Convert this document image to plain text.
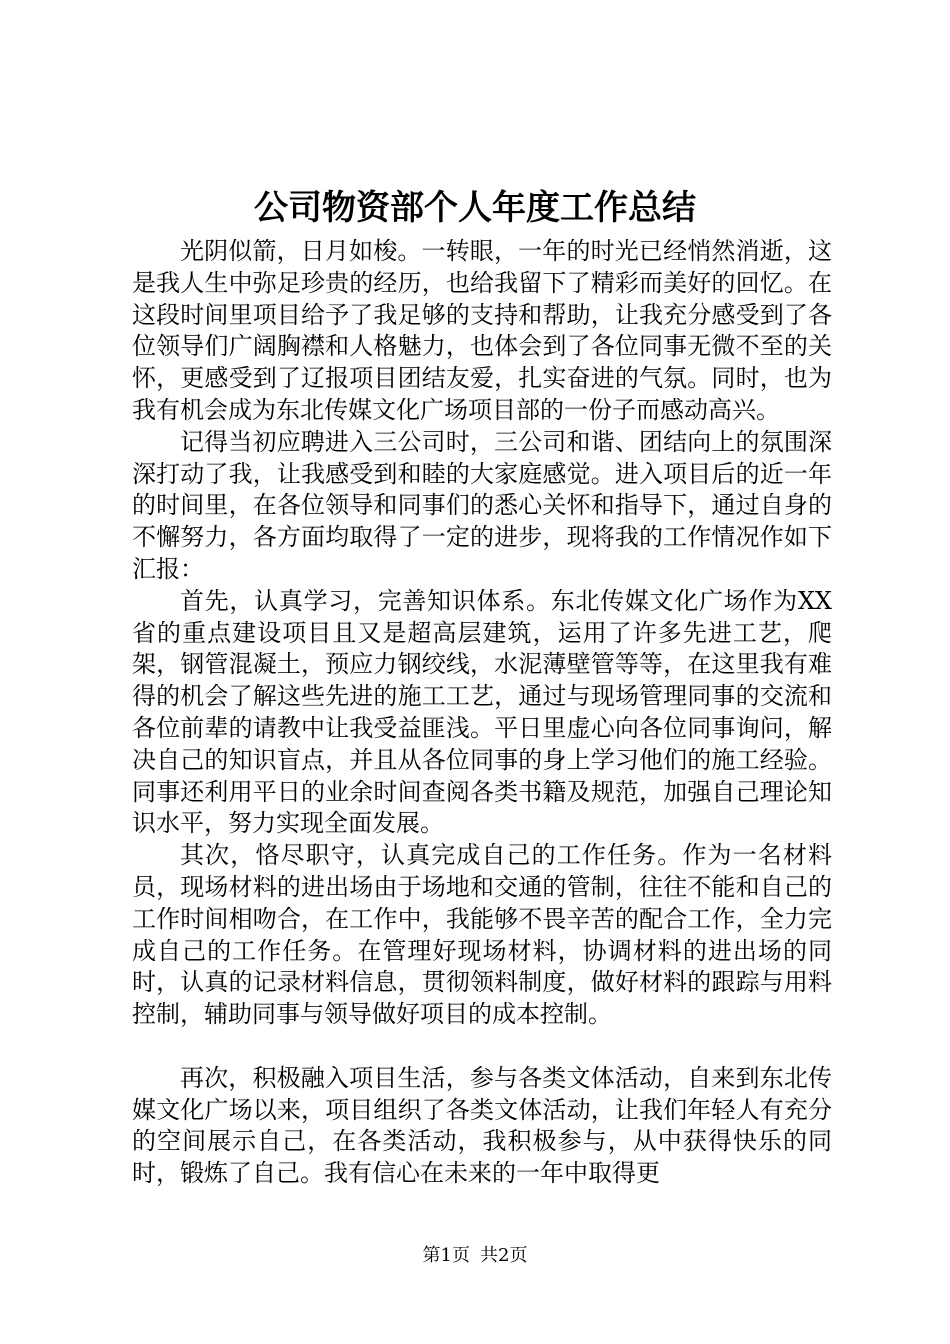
公司物资部个人年度工作总结

光阴似箭，日月如梭。一转眼，一年的时光已经悄然消逝，这是我人生中弥足珍贵的经历，也给我留下了精彩而美好的回忆。在这段时间里项目给予了我足够的支持和帮助，让我充分感受到了各位领导们广阔胸襟和人格魅力，也体会到了各位同事无微不至的关怀，更感受到了辽报项目团结友爱，扎实奋进的气氛。同时，也为我有机会成为东北传媒文化广场项目部的一份子而感动高兴。

记得当初应聘进入三公司时，三公司和谐、团结向上的氛围深深打动了我，让我感受到和睦的大家庭感觉。进入项目后的近一年的时间里，在各位领导和同事们的悉心关怀和指导下，通过自身的不懈努力，各方面均取得了一定的进步，现将我的工作情况作如下汇报：

首先，认真学习，完善知识体系。东北传媒文化广场作为XX省的重点建设项目且又是超高层建筑，运用了许多先进工艺，爬架，钢管混凝土，预应力钢绞线，水泥薄壁管等等，在这里我有难得的机会了解这些先进的施工工艺，通过与现场管理同事的交流和各位前辈的请教中让我受益匪浅。平日里虚心向各位同事询问，解决自己的知识盲点，并且从各位同事的身上学习他们的施工经验。同事还利用平日的业余时间查阅各类书籍及规范，加强自己理论知识水平，努力实现全面发展。

其次，恪尽职守，认真完成自己的工作任务。作为一名材料员，现场材料的进出场由于场地和交通的管制，往往不能和自己的工作时间相吻合，在工作中，我能够不畏辛苦的配合工作，全力完成自己的工作任务。在管理好现场材料，协调材料的进出场的同时，认真的记录材料信息，贯彻领料制度，做好材料的跟踪与用料控制，辅助同事与领导做好项目的成本控制。

再次，积极融入项目生活，参与各类文体活动，自来到东北传媒文化广场以来，项目组织了各类文体活动，让我们年轻人有充分的空间展示自己，在各类活动，我积极参与，从中获得快乐的同时，锻炼了自己。我有信心在未来的一年中取得更

第1页 共2页
